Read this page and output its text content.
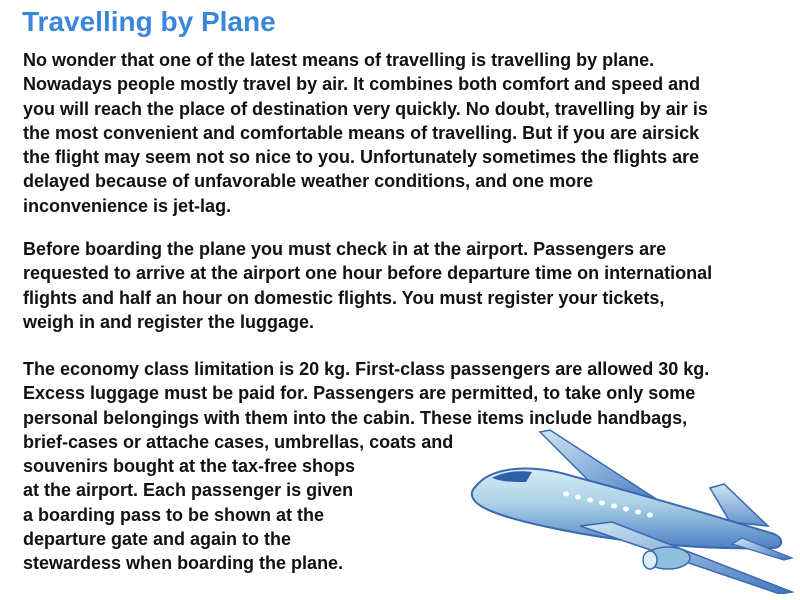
Travelling by Plane

No wonder that one of the latest means of travelling is travelling by plane.
Nowadays people mostly travel by air. It combines both comfort and speed and
you will reach the place of destination very quickly. No doubt, travelling by air is
the most convenient and comfortable means of travelling. But if you are airsick
the flight may seem not so nice to you. Unfortunately sometimes the flights are
delayed because of unfavorable weather conditions, and one more
inconvenience is jet-lag.

Before boarding the plane you must check in at the airport. Passengers are
requested to arrive at the airport one hour before departure time on international
flights and half an hour on domestic flights. You must register your tickets,
weigh in and register the luggage.

The economy class limitation is 20 kg. First-class passengers are allowed 30 kg.
Excess luggage must be paid for. Passengers are permitted, to take only some
personal belongings with them into the cabin. These items include handbags,
brief-cases or attache cases, umbrellas, coats and
souvenirs bought at the tax-free shops
at the airport. Each passenger is given
a boarding pass to be shown at the
departure gate and again to the
stewardess when boarding the plane.
